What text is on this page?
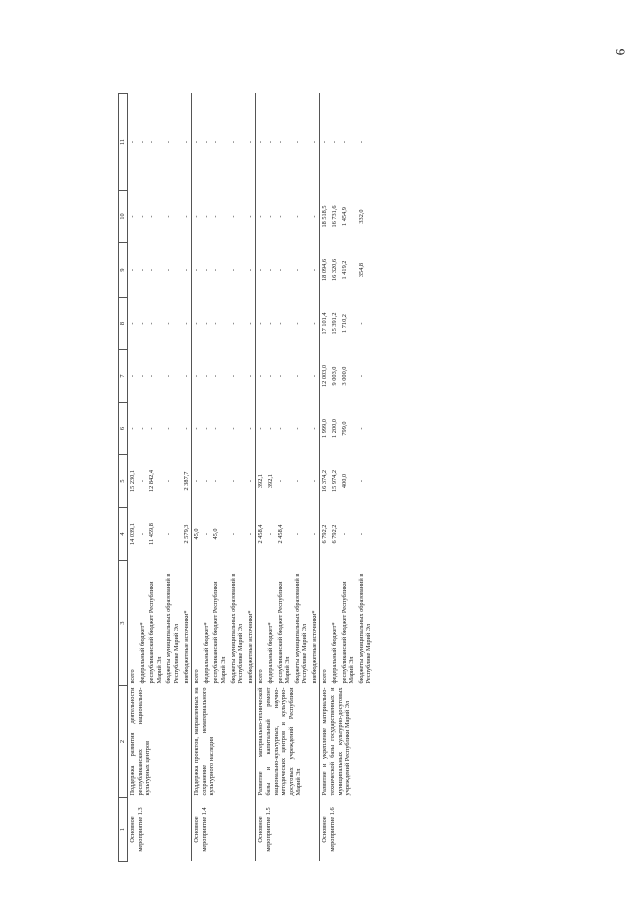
6
1	2	3	4	5	6	7	8	9	10	11
Основное мероприятие 1.3	Поддержка развития деятельности республиканских национально-культурных центров	всего	14 039,1	15 230,1	-	-	-	-	-	-
		федеральный бюджет*	-	-	-	-	-	-	-	-
		республиканский бюджет Республики Марий Эл	11 459,8	12 842,4	-	-	-	-	-	-
		бюджеты муниципальных образований в Республике Марий Эл	-	-	-	-	-	-	-	-
		внебюджетные источники*	2 579,3	2 387,7	-	-	-	-	-	-
Основное мероприятие 1.4	Поддержка проектов, направленных на сохранение нематериального культурного наследия	всего	45,0	-	-	-	-	-	-	-
		федеральный бюджет*	-	-	-	-	-	-	-	-
		республиканский бюджет Республики Марий Эл	45,0	-	-	-	-	-	-	-
		бюджеты муниципальных образований в Республике Марий Эл	-	-	-	-	-	-	-	-
		внебюджетные источники*	-	-	-	-	-	-	-	-
Основное мероприятие 1.5	Развитие материально-технической базы и капитальный ремонт национально-культурных, научно-методических центров и культурно-досуговых учреждений Республики Марий Эл	всего	2 458,4	392,1	-	-	-	-	-	-
		федеральный бюджет*	-	392,1	-	-	-	-	-	-
		республиканский бюджет Республики Марий Эл	2 458,4	-	-	-	-	-	-	-
		бюджеты муниципальных образований в Республике Марий Эл	-	-	-	-	-	-	-	-
		внебюджетные источники*	-	-	-	-	-	-	-	-
Основное мероприятие 1.6	Развитие и укрепление материально-технической базы государственных и муниципальных культурно-досуговых учреждений Республики Марий Эл	всего	6 792,2	16 374,2	1 999,0	12 003,0	17 101,4	18 094,6	18 518,5	-
		федеральный бюджет*	6 792,2	15 974,2	1 200,0	9 003,0	15 391,2	16 320,6	16 731,6	-
		республиканский бюджет Республики Марий Эл	-	400,0	799,0	3 000,0	1 710,2	1 419,2	1 454,9	-
		бюджеты муниципальных образований в Республике Марий Эл	-	-	-	-	-	354,8	332,0	-
